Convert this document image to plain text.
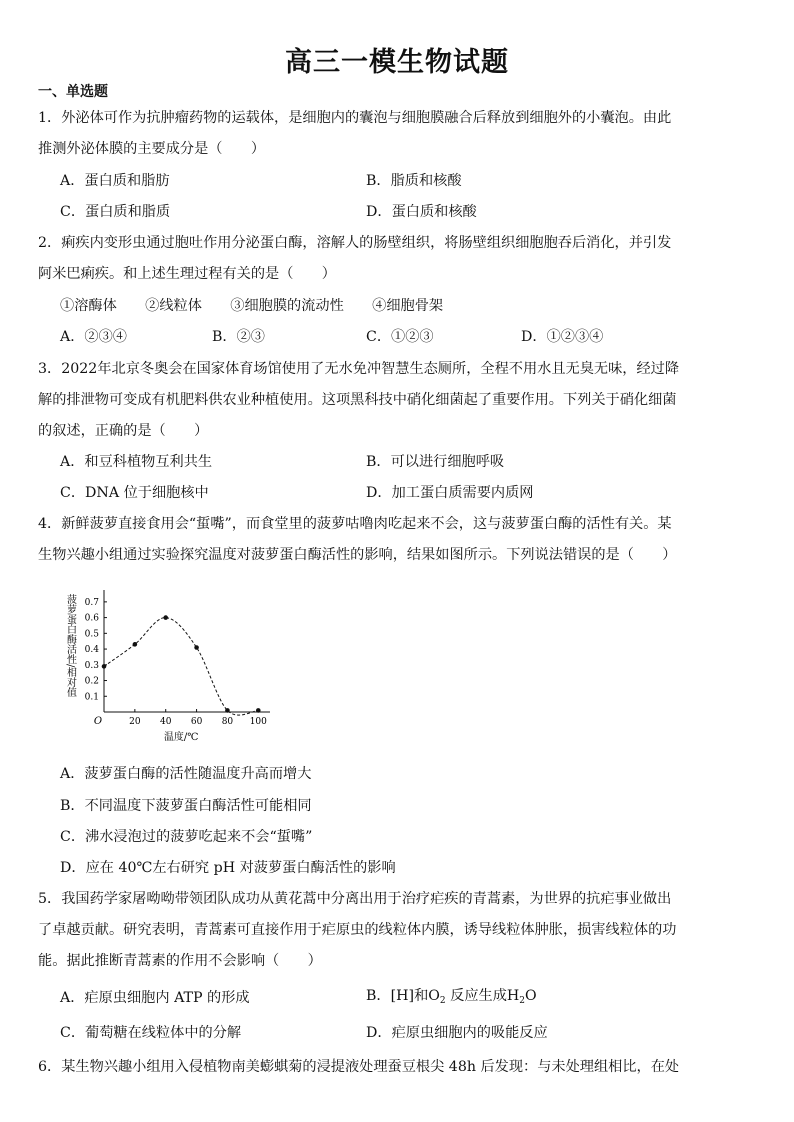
高三一模生物试题
一、单选题
1．外泌体可作为抗肿瘤药物的运载体，是细胞内的囊泡与细胞膜融合后释放到细胞外的小囊泡。由此
推测外泌体膜的主要成分是（　　）
A．蛋白质和脂肪	B．脂质和核酸
C．蛋白质和脂质	D．蛋白质和核酸
2．痢疾内变形虫通过胞吐作用分泌蛋白酶，溶解人的肠壁组织，将肠壁组织细胞胞吞后消化，并引发
阿米巴痢疾。和上述生理过程有关的是（　　）
①溶酶体　　②线粒体　　③细胞膜的流动性　　④细胞骨架
A．②③④	B．②③	C．①②③	D．①②③④
3．2022年北京冬奥会在国家体育场馆使用了无水免冲智慧生态厕所，全程不用水且无臭无味，经过降
解的排泄物可变成有机肥料供农业种植使用。这项黑科技中硝化细菌起了重要作用。下列关于硝化细菌
的叙述，正确的是（　　）
A．和豆科植物互利共生	B．可以进行细胞呼吸
C．DNA 位于细胞核中	D．加工蛋白质需要内质网
4．新鲜菠萝直接食用会“蜇嘴”，而食堂里的菠萝咕噜肉吃起来不会，这与菠萝蛋白酶的活性有关。某
生物兴趣小组通过实验探究温度对菠萝蛋白酶活性的影响，结果如图所示。下列说法错误的是（　　）
0.1
0.2
0.3
0.4
0.5
0.6
0.7
20 40 60 80 100
O
温度/℃
菠萝蛋白酶活性/相对值
A．菠萝蛋白酶的活性随温度升高而增大
B．不同温度下菠萝蛋白酶活性可能相同
C．沸水浸泡过的菠萝吃起来不会“蜇嘴”
D．应在 40℃左右研究 pH 对菠萝蛋白酶活性的影响
5．我国药学家屠呦呦带领团队成功从黄花蒿中分离出用于治疗疟疾的青蒿素，为世界的抗疟事业做出
了卓越贡献。研究表明，青蒿素可直接作用于疟原虫的线粒体内膜，诱导线粒体肿胀，损害线粒体的功
能。据此推断青蒿素的作用不会影响（　　）
A．疟原虫细胞内 ATP 的形成	B．[H]和$O_2$ 反应生成$H_2O$
C．葡萄糖在线粒体中的分解	D．疟原虫细胞内的吸能反应
6．某生物兴趣小组用入侵植物南美蟛蜞菊的浸提液处理蚕豆根尖 48h 后发现：与未处理组相比，在处
